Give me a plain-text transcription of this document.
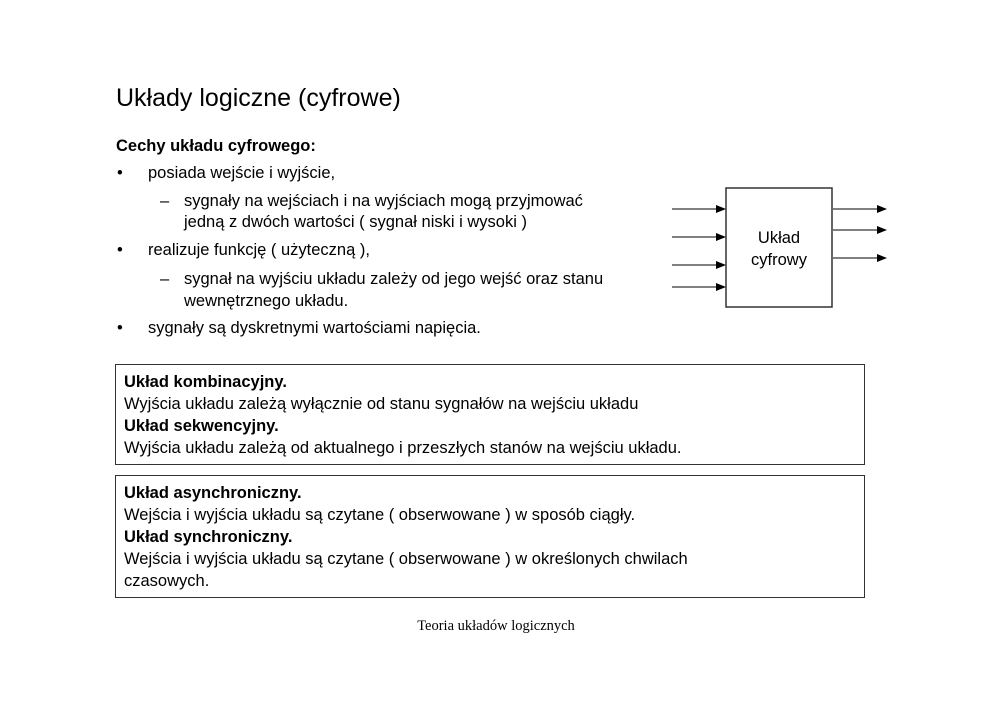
Układy logiczne (cyfrowe)
Cechy układu cyfrowego:
• posiada wejście i wyjście,
– sygnały na wejściach i na wyjściach mogą przyjmować
jedną z dwóch wartości ( sygnał niski i wysoki )
• realizuje funkcję ( użyteczną ),
– sygnał na wyjściu układu zależy od jego wejść oraz stanu
wewnętrznego układu.
• sygnały są dyskretnymi wartościami napięcia.
Układ
cyfrowy
Układ kombinacyjny.
Wyjścia układu zależą wyłącznie od stanu sygnałów na wejściu układu
Układ sekwencyjny.
Wyjścia układu zależą od aktualnego i przeszłych stanów na wejściu układu.
Układ asynchroniczny.
Wejścia i wyjścia układu są czytane ( obserwowane ) w sposób ciągły.
Układ synchroniczny.
Wejścia i wyjścia układu są czytane ( obserwowane ) w określonych chwilach
czasowych.
Teoria układów logicznych
